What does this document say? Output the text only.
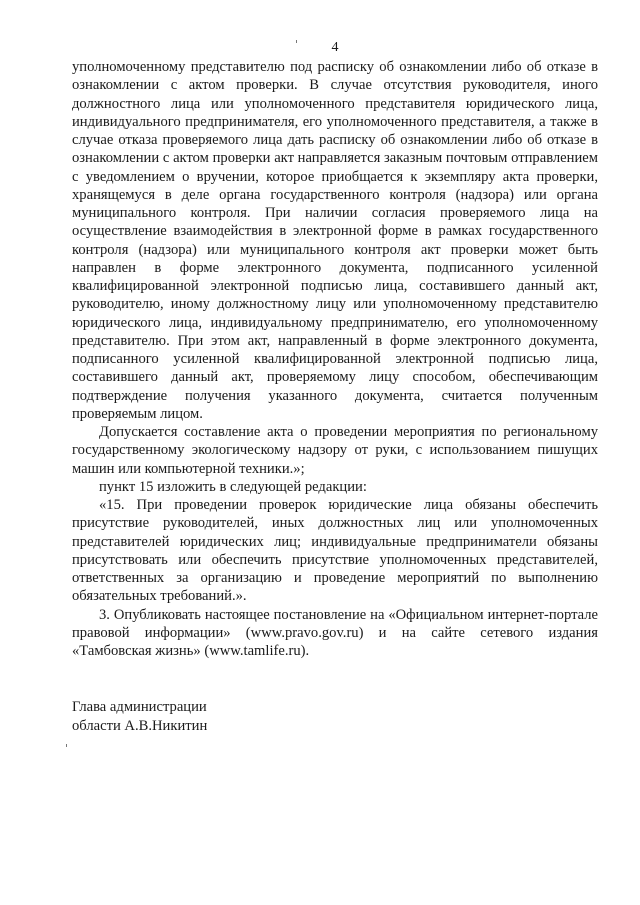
4

уполномоченному представителю под расписку об ознакомлении либо об отказе в ознакомлении с актом проверки. В случае отсутствия руководителя, иного должностного лица или уполномоченного представителя юридического лица, индивидуального предпринимателя, его уполномоченного представителя, а также в случае отказа проверяемого лица дать расписку об ознакомлении либо об отказе в ознакомлении с актом проверки акт направляется заказным почтовым отправлением с уведомлением о вручении, которое приобщается к экземпляру акта проверки, хранящемуся в деле органа государственного контроля (надзора) или органа муниципального контроля. При наличии согласия проверяемого лица на осуществление взаимодействия в электронной форме в рамках государственного контроля (надзора) или муниципального контроля акт проверки может быть направлен в форме электронного документа, подписанного усиленной квалифицированной электронной подписью лица, составившего данный акт, руководителю, иному должностному лицу или уполномоченному представителю юридического лица, индивидуальному предпринимателю, его уполномоченному представителю. При этом акт, направленный в форме электронного документа, подписанного усиленной квалифицированной электронной подписью лица, составившего данный акт, проверяемому лицу способом, обеспечивающим подтверждение получения указанного документа, считается полученным проверяемым лицом.

Допускается составление акта о проведении мероприятия по региональному государственному экологическому надзору от руки, с использованием пишущих машин или компьютерной техники.»;

пункт 15 изложить в следующей редакции:

«15. При проведении проверок юридические лица обязаны обеспечить присутствие руководителей, иных должностных лиц или уполномоченных представителей юридических лиц; индивидуальные предприниматели обязаны присутствовать или обеспечить присутствие уполномоченных представителей, ответственных за организацию и проведение мероприятий по выполнению обязательных требований.».

3. Опубликовать настоящее постановление на «Официальном интернет-портале правовой информации» (www.pravo.gov.ru) и на сайте сетевого издания «Тамбовская жизнь» (www.tamlife.ru).

Глава администрации
области А.В.Никитин
